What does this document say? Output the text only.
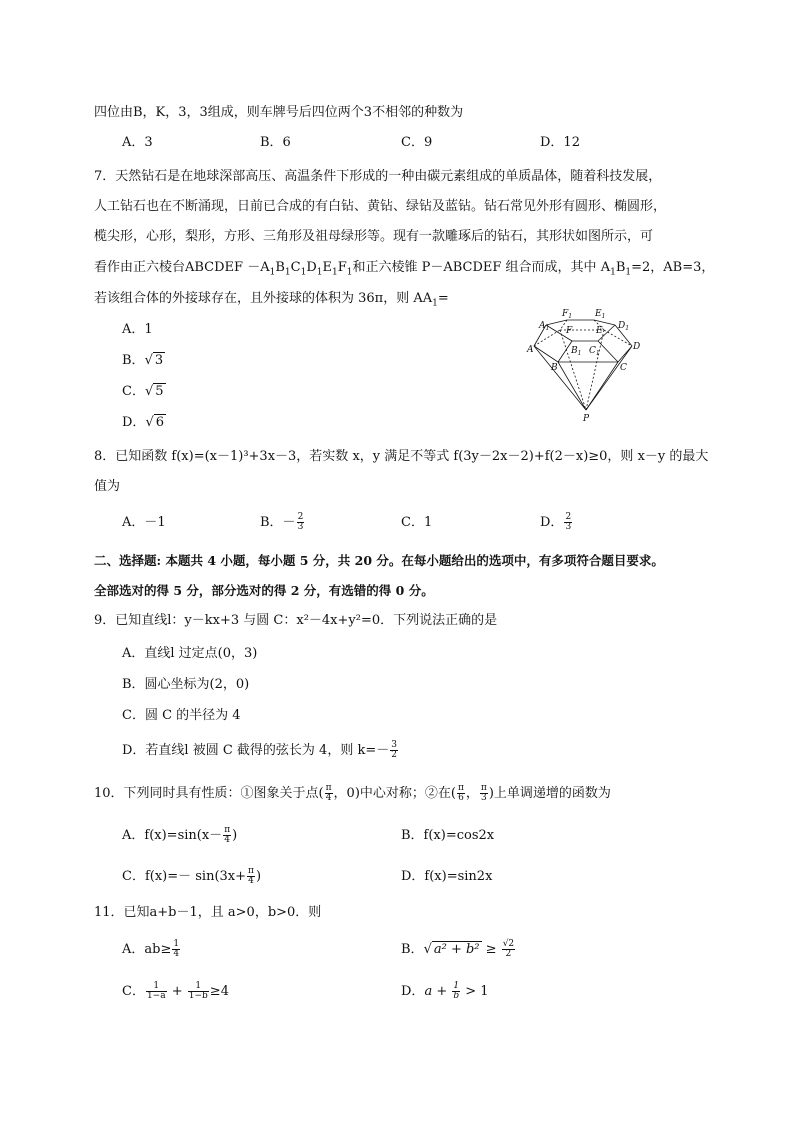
四位由B，K，3，3组成，则车牌号后四位两个3不相邻的种数为
A．3	B．6	C．9	D．12
7．天然钻石是在地球深部高压、高温条件下形成的一种由碳元素组成的单质晶体，随着科技发展，
人工钻石也在不断涌现，日前已合成的有白钻、黄钻、绿钻及蓝钻。钻石常见外形有圆形、椭圆形，
榄尖形，心形，梨形，方形、三角形及祖母绿形等。现有一款雕琢后的钻石，其形状如图所示，可
看作由正六棱台ABCDEF $-A_1B_1C_1D_1E_1F_1$和正六棱锥 P－ABCDEF 组合而成，其中 $A_1B_1=2$，AB=3，
若该组合体的外接球存在，且外接球的体积为 36π，则 $AA_1=$
A．1
B．√ 3
C．√ 5
D．√ 6
$A_1$
$F_1$	$E_1$
$D_1$
F	E
A	D
$B_1$ $C_1$
B	C
P
8．已知函数 f(x)=(x－1)³+3x－3，若实数 x，y 满足不等式 f(3y－2x－2)+f(2－x)≥0，则 x－y 的最大
值为
A．－1	B．－ $\frac{2}{3}$	C．1	D． $\frac{2}{3}$
二、选择题: 本题共 4 小题，每小题 5 分，共 20 分。在每小题给出的选项中，有多项符合题目要求。
全部选对的得 5 分，部分选对的得 2 分，有选错的得 0 分。
9．已知直线l：y－kx+3 与圆 C：x²－4x+y²=0．下列说法正确的是
A．直线l 过定点(0，3)
B．圆心坐标为(2，0)
C．圆 C 的半径为 4
D．若直线l 被圆 C 截得的弦长为 4，则 $k=- \frac{3}{2}$
10．下列同时具有性质：①图象关于点( $\frac{\pi}{4}$ ，0)中心对称；②在( $\frac{\pi}{6}$ ， $\frac{\pi}{3}$ )上单调递增的函数为
A．$f(x)=\sin(x- \frac{\pi}{4}$ )	B．f(x)=cos2x
C．$f(x)=- \sin(3x+ \frac{\pi}{4}$ )	D．f(x)=sin2x
11．已知a+b－1，且 a>0，b>0．则
A．$ab\ge \frac{1}{4}$	B．√ $a^2 + b^2 \ge \frac{√2}{2}$
C． $\frac{1}{1-a} + \frac{1}{1-b} \ge 4$	D．$a + \frac{1}{b} > 1$
